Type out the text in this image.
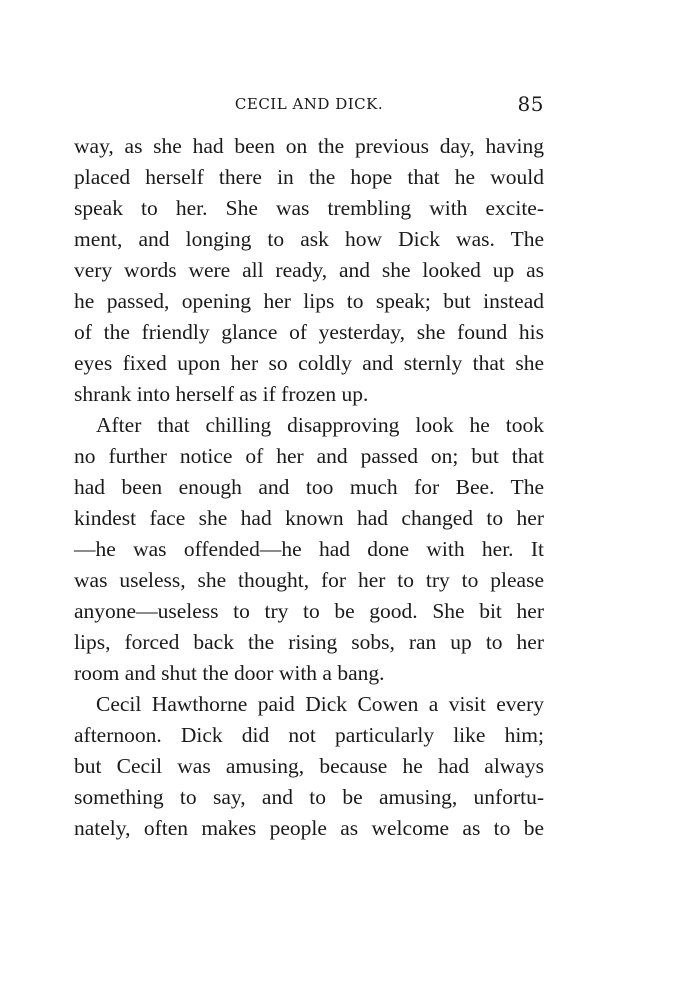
CECIL AND DICK.	85
way, as she had been on the previous day, having
placed herself there in the hope that he would
speak to her. She was trembling with excite-
ment, and longing to ask how Dick was. The
very words were all ready, and she looked up as
he passed, opening her lips to speak; but instead
of the friendly glance of yesterday, she found his
eyes fixed upon her so coldly and sternly that she
shrank into herself as if frozen up.
After that chilling disapproving look he took
no further notice of her and passed on; but that
had been enough and too much for Bee. The
kindest face she had known had changed to her
—he was offended—he had done with her. It
was useless, she thought, for her to try to please
anyone—useless to try to be good. She bit her
lips, forced back the rising sobs, ran up to her
room and shut the door with a bang.
Cecil Hawthorne paid Dick Cowen a visit every
afternoon. Dick did not particularly like him;
but Cecil was amusing, because he had always
something to say, and to be amusing, unfortu-
nately, often makes people as welcome as to be
